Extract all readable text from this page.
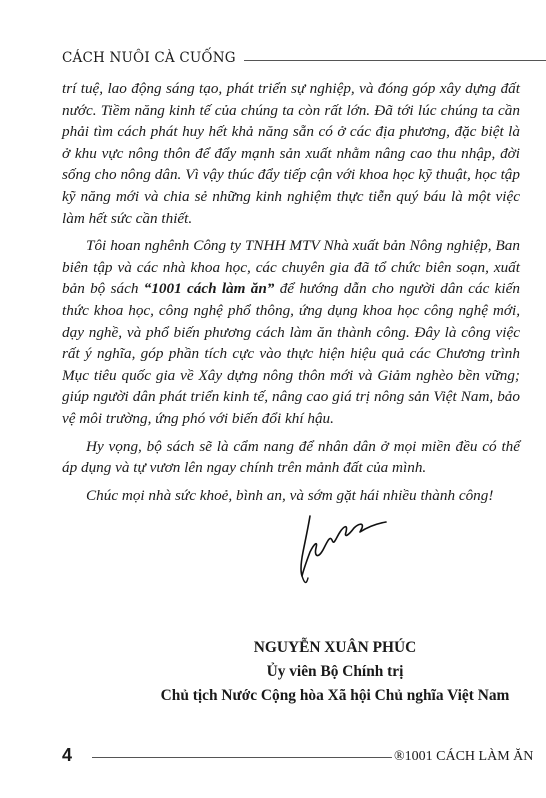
CÁCH NUÔI CÀ CUỐNG

trí tuệ, lao động sáng tạo, phát triển sự nghiệp, và đóng góp xây dựng đất nước. Tiềm năng kinh tế của chúng ta còn rất lớn. Đã tới lúc chúng ta cần phải tìm cách phát huy hết khả năng sẵn có ở các địa phương, đặc biệt là ở khu vực nông thôn để đẩy mạnh sản xuất nhằm nâng cao thu nhập, đời sống cho nông dân. Vì vậy thúc đẩy tiếp cận với khoa học kỹ thuật, học tập kỹ năng mới và chia sẻ những kinh nghiệm thực tiễn quý báu là một việc làm hết sức cần thiết.

Tôi hoan nghênh Công ty TNHH MTV Nhà xuất bản Nông nghiệp, Ban biên tập và các nhà khoa học, các chuyên gia đã tổ chức biên soạn, xuất bản bộ sách “1001 cách làm ăn” để hướng dẫn cho người dân các kiến thức khoa học, công nghệ phổ thông, ứng dụng khoa học công nghệ mới, dạy nghề, và phổ biến phương cách làm ăn thành công. Đây là công việc rất ý nghĩa, góp phần tích cực vào thực hiện hiệu quả các Chương trình Mục tiêu quốc gia về Xây dựng nông thôn mới và Giảm nghèo bền vững; giúp người dân phát triển kinh tế, nâng cao giá trị nông sản Việt Nam, bảo vệ môi trường, ứng phó với biến đổi khí hậu.

Hy vọng, bộ sách sẽ là cẩm nang để nhân dân ở mọi miền đều có thể áp dụng và tự vươn lên ngay chính trên mảnh đất của mình.

Chúc mọi nhà sức khoẻ, bình an, và sớm gặt hái nhiều thành công!

NGUYỄN XUÂN PHÚC
Ủy viên Bộ Chính trị
Chủ tịch Nước Cộng hòa Xã hội Chủ nghĩa Việt Nam
4	®1001 CÁCH LÀM ĂN
